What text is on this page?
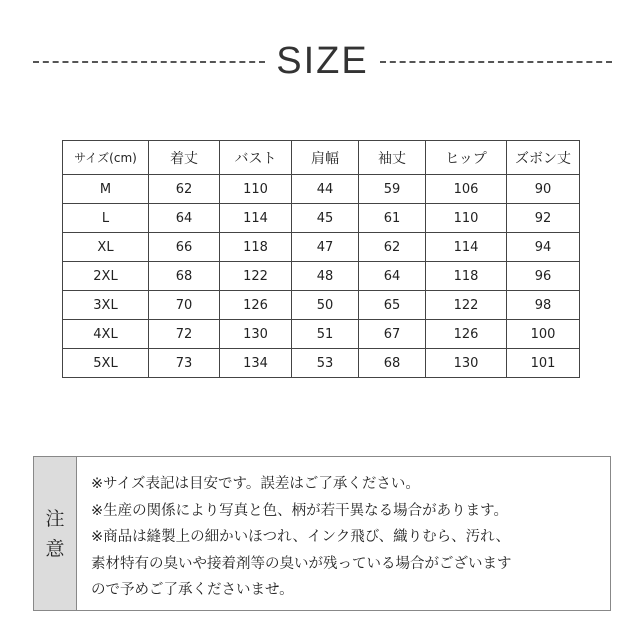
SIZE
サイズ(cm)	着丈	バスト	肩幅	袖丈	ヒップ	ズボン丈
M	62	110	44	59	106	90
L	64	114	45	61	110	92
XL	66	118	47	62	114	94
2XL	68	122	48	64	118	96
3XL	70	126	50	65	122	98
4XL	72	130	51	67	126	100
5XL	73	134	53	68	130	101
注
意
※サイズ表記は目安です。誤差はご了承ください。
※生産の関係により写真と色、柄が若干異なる場合があります。
※商品は縫製上の細かいほつれ、インク飛び、織りむら、汚れ、
素材特有の臭いや接着剤等の臭いが残っている場合がございます
ので予めご了承くださいませ。
